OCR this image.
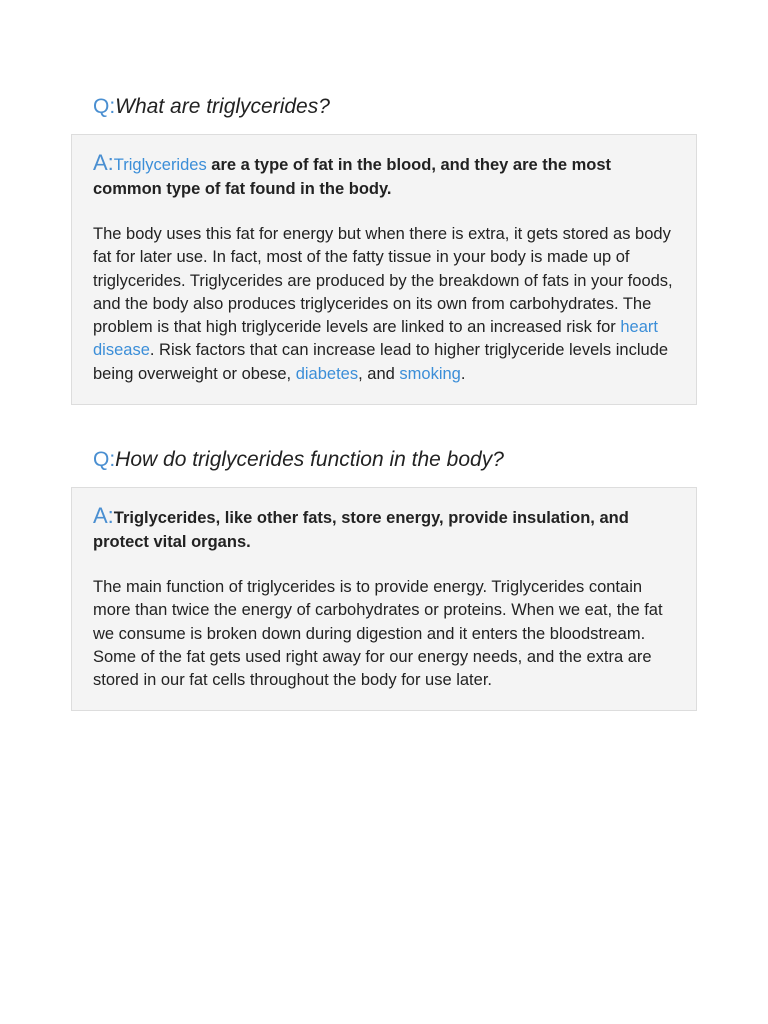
Q:What are triglycerides?

A:Triglycerides are a type of fat in the blood, and they are the most common type of fat found in the body.

The body uses this fat for energy but when there is extra, it gets stored as body fat for later use. In fact, most of the fatty tissue in your body is made up of triglycerides. Triglycerides are produced by the breakdown of fats in your foods, and the body also produces triglycerides on its own from carbohydrates. The problem is that high triglyceride levels are linked to an increased risk for heart disease. Risk factors that can increase lead to higher triglyceride levels include being overweight or obese, diabetes, and smoking.

Q:How do triglycerides function in the body?

A:Triglycerides, like other fats, store energy, provide insulation, and protect vital organs.

The main function of triglycerides is to provide energy. Triglycerides contain more than twice the energy of carbohydrates or proteins. When we eat, the fat we consume is broken down during digestion and it enters the bloodstream. Some of the fat gets used right away for our energy needs, and the extra are stored in our fat cells throughout the body for use later.
